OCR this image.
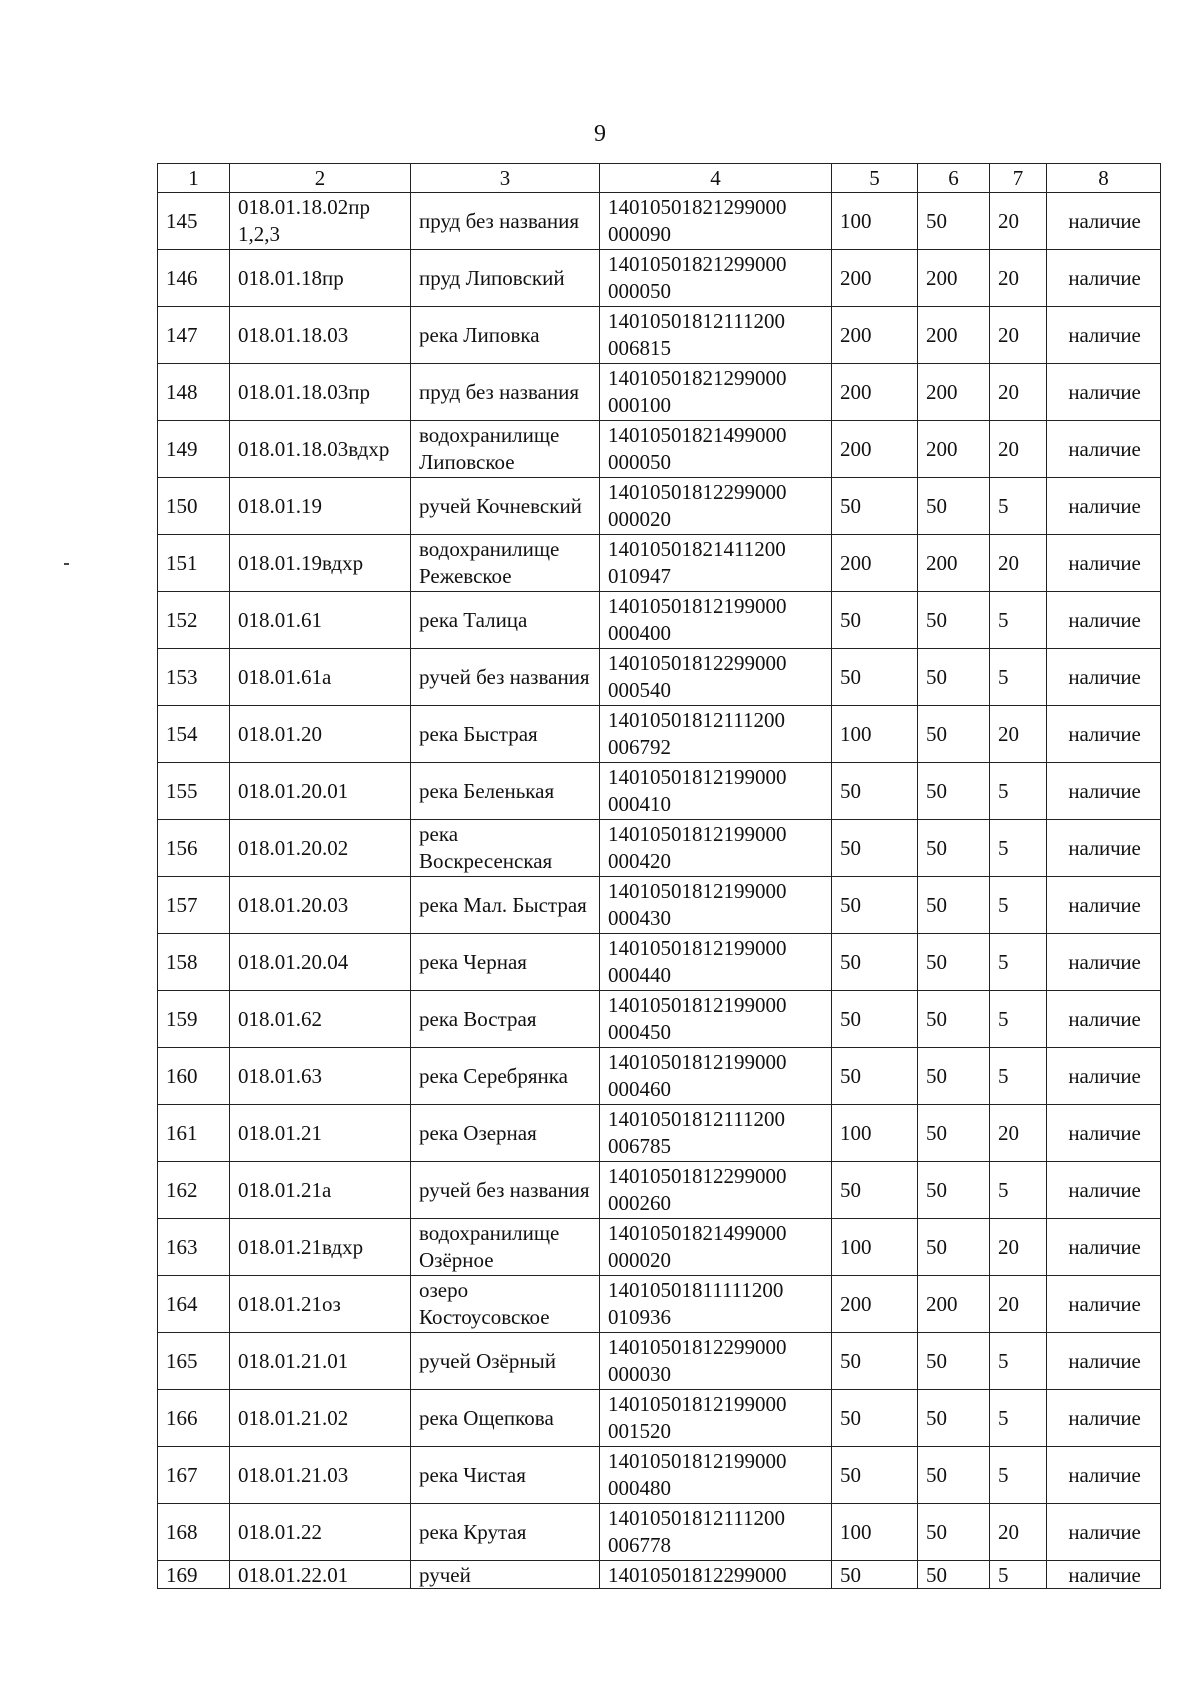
9
1	2	3	4	5	6	7	8
145	018.01.18.02пр 1,2,3	пруд без названия	14010501821299000 000090	100	50	20	наличие
146	018.01.18пр	пруд Липовский	14010501821299000 000050	200	200	20	наличие
147	018.01.18.03	река Липовка	14010501812111200 006815	200	200	20	наличие
148	018.01.18.03пр	пруд без названия	14010501821299000 000100	200	200	20	наличие
149	018.01.18.03вдхр	водохранилище Липовское	14010501821499000 000050	200	200	20	наличие
150	018.01.19	ручей Кочневский	14010501812299000 000020	50	50	5	наличие
151	018.01.19вдхр	водохранилище Режевское	14010501821411200 010947	200	200	20	наличие
152	018.01.61	река Талица	14010501812199000 000400	50	50	5	наличие
153	018.01.61а	ручей без названия	14010501812299000 000540	50	50	5	наличие
154	018.01.20	река Быстрая	14010501812111200 006792	100	50	20	наличие
155	018.01.20.01	река Беленькая	14010501812199000 000410	50	50	5	наличие
156	018.01.20.02	река Воскресенская	14010501812199000 000420	50	50	5	наличие
157	018.01.20.03	река Мал. Быстрая	14010501812199000 000430	50	50	5	наличие
158	018.01.20.04	река Черная	14010501812199000 000440	50	50	5	наличие
159	018.01.62	река Вострая	14010501812199000 000450	50	50	5	наличие
160	018.01.63	река Серебрянка	14010501812199000 000460	50	50	5	наличие
161	018.01.21	река Озерная	14010501812111200 006785	100	50	20	наличие
162	018.01.21а	ручей без названия	14010501812299000 000260	50	50	5	наличие
163	018.01.21вдхр	водохранилище Озёрное	14010501821499000 000020	100	50	20	наличие
164	018.01.21оз	озеро Костоусовское	14010501811111200 010936	200	200	20	наличие
165	018.01.21.01	ручей Озёрный	14010501812299000 000030	50	50	5	наличие
166	018.01.21.02	река Ощепкова	14010501812199000 001520	50	50	5	наличие
167	018.01.21.03	река Чистая	14010501812199000 000480	50	50	5	наличие
168	018.01.22	река Крутая	14010501812111200 006778	100	50	20	наличие
169	018.01.22.01	ручей	14010501812299000	50	50	5	наличие
